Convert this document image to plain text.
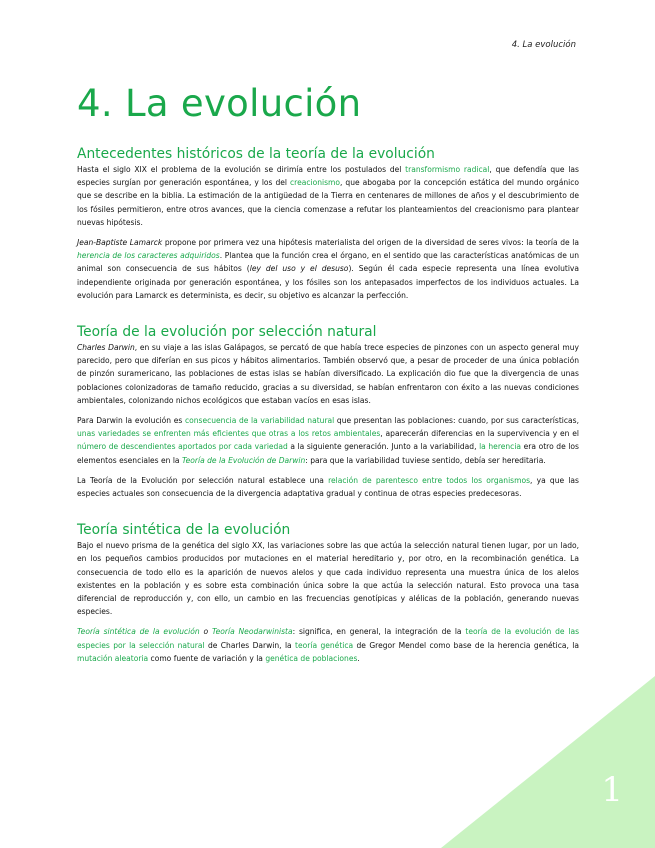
4. La evolución
4. La evolución
Antecedentes históricos de la teoría de la evolución

Hasta el siglo XIX el problema de la evolución se dirimía entre los postulados del transformismo radical, que defendía que las especies surgían por generación espontánea, y los del creacionismo, que abogaba por la concepción estática del mundo orgánico que se describe en la biblia. La estimación de la antigüedad de la Tierra en centenares de millones de años y el descubrimiento de los fósiles permitieron, entre otros avances, que la ciencia comenzase a refutar los planteamientos del creacionismo para plantear nuevas hipótesis.

Jean-Baptiste Lamarck propone por primera vez una hipótesis materialista del origen de la diversidad de seres vivos: la teoría de la herencia de los caracteres adquiridos. Plantea que la función crea el órgano, en el sentido que las características anatómicas de un animal son consecuencia de sus hábitos (ley del uso y el desuso). Según él cada especie representa una línea evolutiva independiente originada por generación espontánea, y los fósiles son los antepasados imperfectos de los individuos actuales. La evolución para Lamarck es determinista, es decir, su objetivo es alcanzar la perfección.

Teoría de la evolución por selección natural

Charles Darwin, en su viaje a las islas Galápagos, se percató de que había trece especies de pinzones con un aspecto general muy parecido, pero que diferían en sus picos y hábitos alimentarios. También observó que, a pesar de proceder de una única población de pinzón suramericano, las poblaciones de estas islas se habían diversificado. La explicación dio fue que la divergencia de unas poblaciones colonizadoras de tamaño reducido, gracias a su diversidad, se habían enfrentaron con éxito a las nuevas condiciones ambientales, colonizando nichos ecológicos que estaban vacíos en esas islas.

Para Darwin la evolución es consecuencia de la variabilidad natural que presentan las poblaciones: cuando, por sus características, unas variedades se enfrenten más eficientes que otras a los retos ambientales, aparecerán diferencias en la supervivencia y en el número de descendientes aportados por cada variedad a la siguiente generación. Junto a la variabilidad, la herencia era otro de los elementos esenciales en la Teoría de la Evolución de Darwin: para que la variabilidad tuviese sentido, debía ser hereditaria.

La Teoría de la Evolución por selección natural establece una relación de parentesco entre todos los organismos, ya que las especies actuales son consecuencia de la divergencia adaptativa gradual y continua de otras especies predecesoras.

Teoría sintética de la evolución

Bajo el nuevo prisma de la genética del siglo XX, las variaciones sobre las que actúa la selección natural tienen lugar, por un lado, en los pequeños cambios producidos por mutaciones en el material hereditario y, por otro, en la recombinación genética. La consecuencia de todo ello es la aparición de nuevos alelos y que cada individuo representa una muestra única de los alelos existentes en la población y es sobre esta combinación única sobre la que actúa la selección natural. Esto provoca una tasa diferencial de reproducción y, con ello, un cambio en las frecuencias genotípicas y alélicas de la población, generando nuevas especies.

Teoría sintética de la evolución o Teoría Neodarwinista: significa, en general, la integración de la teoría de la evolución de las especies por la selección natural de Charles Darwin, la teoría genética de Gregor Mendel como base de la herencia genética, la mutación aleatoria como fuente de variación y la genética de poblaciones.

1
